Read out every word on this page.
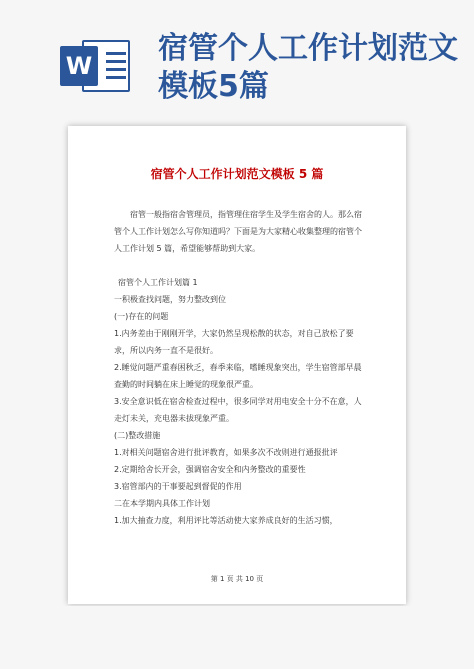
W 宿管个人工作计划范文模板5篇
宿管个人工作计划范文模板 5 篇

宿管一般指宿舍管理员，指管理住宿学生及学生宿舍的人。那么宿管个人工作计划怎么写你知道吗？下面是为大家精心收集整理的宿管个人工作计划 5 篇，希望能够帮助到大家。

宿管个人工作计划篇 1

一积极查找问题，努力整改到位

(一)存在的问题

1.内务差由于刚刚开学，大家仍然呈现松散的状态，对自己放松了要求，所以内务一直不是很好。

2.睡觉问题严重春困秋乏，春季来临，嗜睡现象突出，学生宿管部早晨查勤的时间躺在床上睡觉的现象很严重。

3.安全意识低在宿舍检查过程中，很多同学对用电安全十分不在意，人走灯未关，充电器未拔现象严重。

(二)整改措施

1.对相关问题宿舍进行批评教育，如果多次不改则进行通报批评

2.定期给舍长开会，强调宿舍安全和内务整改的重要性

3.宿管部内的干事要起到督促的作用

二在本学期内具体工作计划

1.加大抽查力度，利用评比等活动使大家养成良好的生活习惯，

第 1 页 共 10 页
